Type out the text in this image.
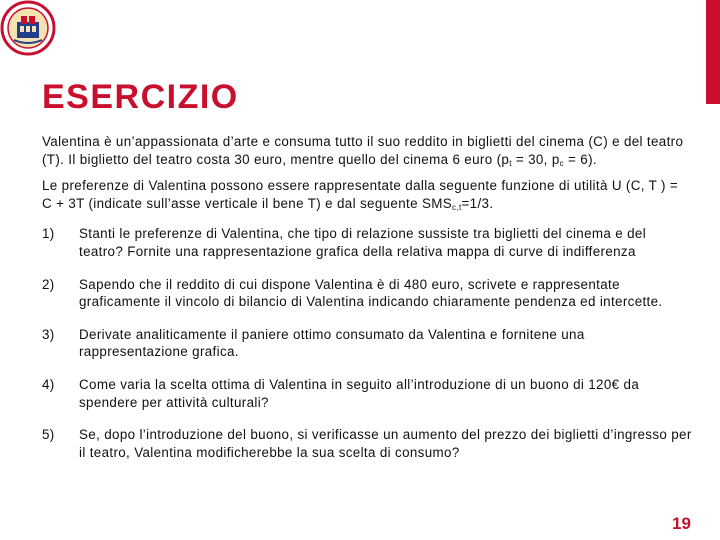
ESERCIZIO

Valentina è un’appassionata d’arte e consuma tutto il suo reddito in biglietti del cinema (C) e del teatro (T). Il biglietto del teatro costa 30 euro, mentre quello del cinema 6 euro ($p_t = 30$, $p_c = 6$).

Le preferenze di Valentina possono essere rappresentate dalla seguente funzione di utilità U (C, T ) = C + 3T (indicate sull’asse verticale il bene T) e dal seguente $SMS_{c,t}=1/3$.

1)	Stanti le preferenze di Valentina, che tipo di relazione sussiste tra biglietti del cinema e del teatro? Fornite una rappresentazione grafica della relativa mappa di curve di indifferenza
2)	Sapendo che il reddito di cui dispone Valentina è di 480 euro, scrivete e rappresentate graficamente il vincolo di bilancio di Valentina indicando chiaramente pendenza ed intercette.
3)	Derivate analiticamente il paniere ottimo consumato da Valentina e fornitene una rappresentazione grafica.
4)	Come varia la scelta ottima di Valentina in seguito all’introduzione di un buono di 120€ da spendere per attività culturali?
5)	Se, dopo l’introduzione del buono, si verificasse un aumento del prezzo dei biglietti d’ingresso per il teatro, Valentina modificherebbe la sua scelta di consumo?
19
